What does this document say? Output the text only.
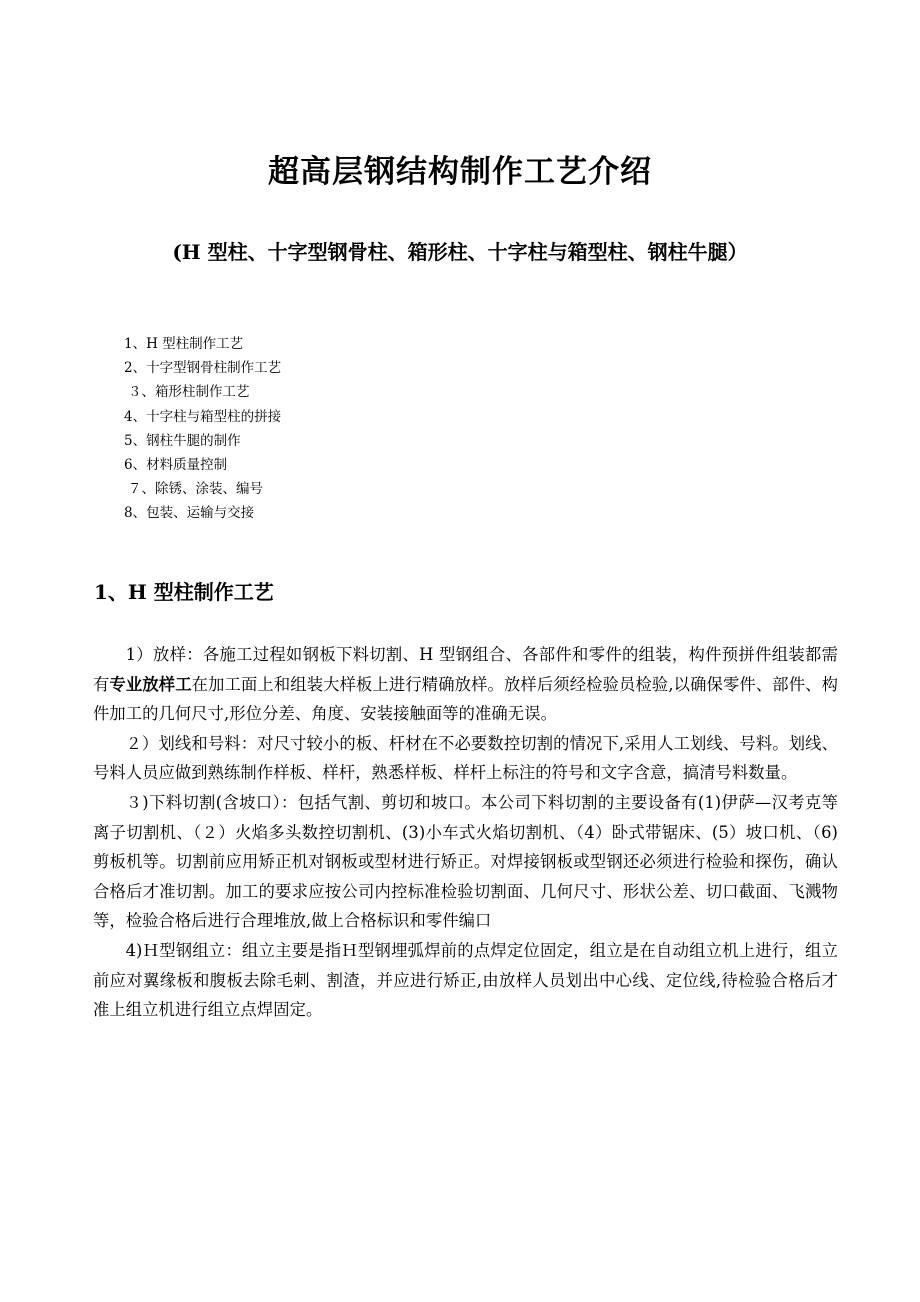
超高层钢结构制作工艺介绍
(H 型柱、十字型钢骨柱、箱形柱、十字柱与箱型柱、钢柱牛腿）
1、H 型柱制作工艺
2、十字型钢骨柱制作工艺
３、箱形柱制作工艺
4、十字柱与箱型柱的拼接
5、钢柱牛腿的制作
6、材料质量控制
７、除锈、涂装、编号
8、包装、运输与交接
1、H 型柱制作工艺

1）放样：各施工过程如钢板下料切割、H 型钢组合、各部件和零件的组装，构件预拼件组装都需有专业放样工在加工面上和组装大样板上进行精确放样。放样后须经检验员检验,以确保零件、部件、构件加工的几何尺寸,形位分差、角度、安装接触面等的准确无误。

２）划线和号料：对尺寸较小的板、杆材在不必要数控切割的情况下,采用人工划线、号料。划线、号料人员应做到熟练制作样板、样杆，熟悉样板、样杆上标注的符号和文字含意，搞清号料数量。

３)下料切割(含坡口）：包括气割、剪切和坡口。本公司下料切割的主要设备有(1)伊萨—汉考克等离子切割机、（２）火焰多头数控切割机、(3)小车式火焰切割机、（4）卧式带锯床、(5）坡口机、（6)剪板机等。切割前应用矫正机对钢板或型材进行矫正。对焊接钢板或型钢还必须进行检验和探伤，确认合格后才准切割。加工的要求应按公司内控标准检验切割面、几何尺寸、形状公差、切口截面、飞溅物等，检验合格后进行合理堆放,做上合格标识和零件编口

4)Ｈ型钢组立：组立主要是指Ｈ型钢埋弧焊前的点焊定位固定，组立是在自动组立机上进行，组立前应对翼缘板和腹板去除毛刺、割渣，并应进行矫正,由放样人员划出中心线、定位线,待检验合格后才准上组立机进行组立点焊固定。
